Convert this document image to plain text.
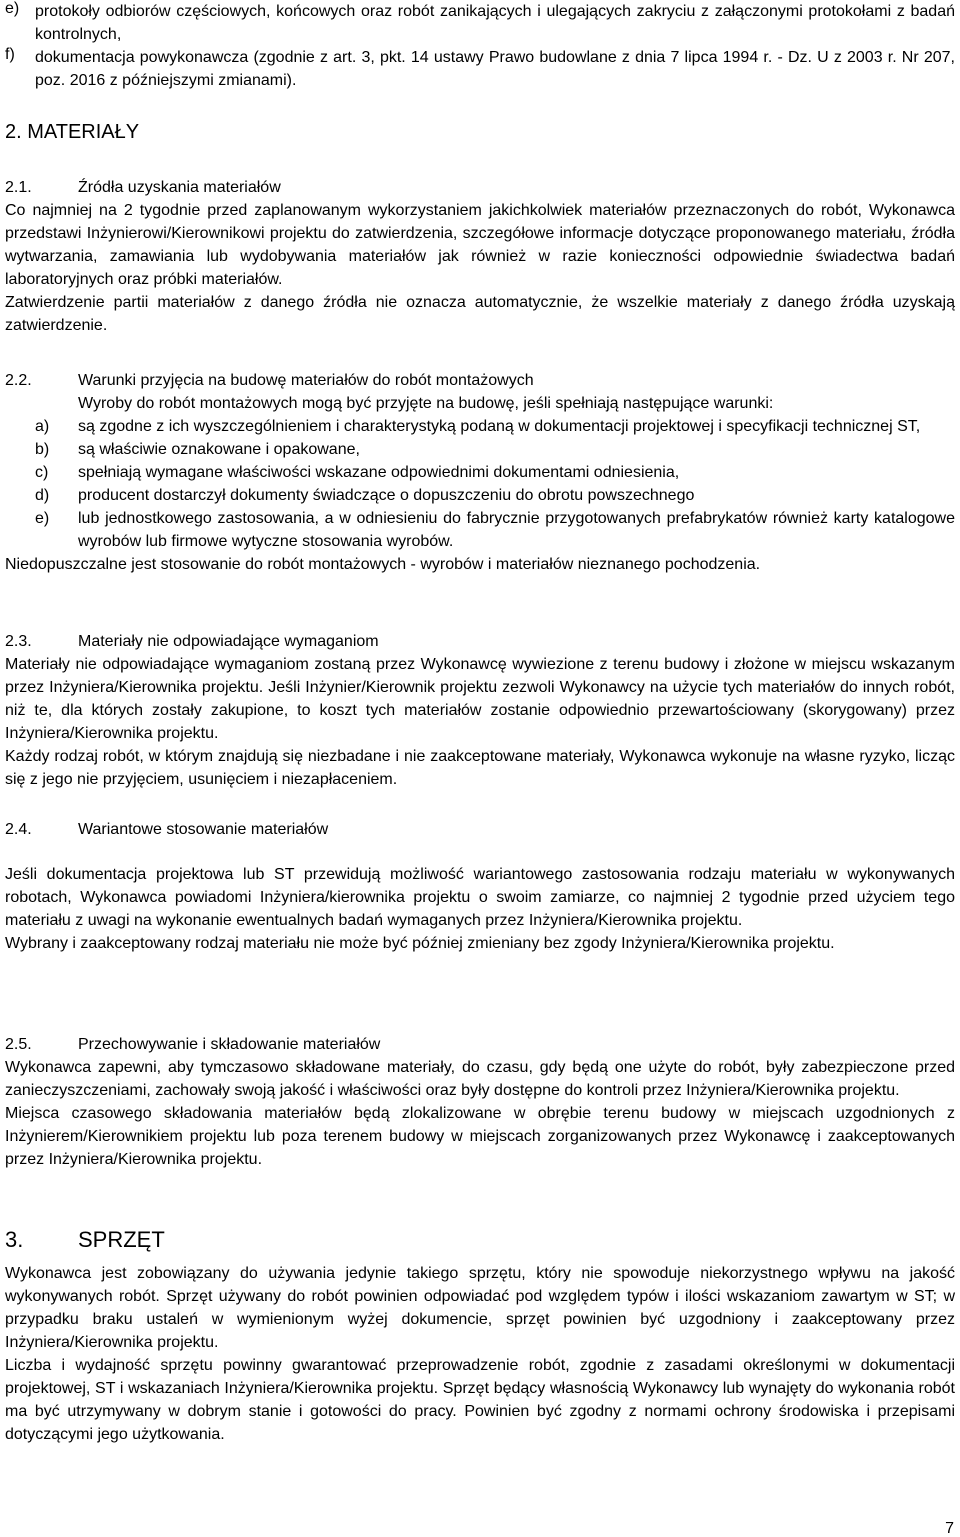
e) protokoły odbiorów częściowych, końcowych oraz robót zanikających i ulegających zakryciu z załączonymi protokołami z badań kontrolnych,
f)	dokumentacja powykonawcza (zgodnie z art. 3, pkt. 14 ustawy Prawo budowlane z dnia 7 lipca 1994 r. - Dz. U z 2003 r. Nr 207, poz. 2016 z późniejszymi zmianami).
2. MATERIAŁY
2.1.	Źródła uzyskania materiałów

Co najmniej na 2 tygodnie przed zaplanowanym wykorzystaniem jakichkolwiek materiałów przeznaczonych do robót, Wykonawca przedstawi Inżynierowi/Kierownikowi projektu do zatwierdzenia, szczegółowe informacje dotyczące proponowanego materiału, źródła wytwarzania, zamawiania lub wydobywania materiałów jak również w razie konieczności odpowiednie świadectwa badań laboratoryjnych oraz próbki materiałów.

Zatwierdzenie partii materiałów z danego źródła nie oznacza automatycznie, że wszelkie materiały z danego źródła uzyskają zatwierdzenie.

2.2.	Warunki przyjęcia na budowę materiałów do robót montażowych

Wyroby do robót montażowych mogą być przyjęte na budowę, jeśli spełniają następujące warunki:

a)	są zgodne z ich wyszczególnieniem i charakterystyką podaną w dokumentacji projektowej i specyfikacji technicznej ST,
b)	są właściwie oznakowane i opakowane,
c)	spełniają wymagane właściwości wskazane odpowiednimi dokumentami odniesienia,
d)	producent dostarczył dokumenty świadczące o dopuszczeniu do obrotu powszechnego
e)	lub jednostkowego zastosowania, a w odniesieniu do fabrycznie przygotowanych prefabrykatów również karty katalogowe wyrobów lub firmowe wytyczne stosowania wyrobów.

Niedopuszczalne jest stosowanie do robót montażowych - wyrobów i materiałów nieznanego pochodzenia.

2.3.	Materiały nie odpowiadające wymaganiom

Materiały nie odpowiadające wymaganiom zostaną przez Wykonawcę wywiezione z terenu budowy i złożone w miejscu wskazanym przez Inżyniera/Kierownika projektu. Jeśli Inżynier/Kierownik projektu zezwoli Wykonawcy na użycie tych materiałów do innych robót, niż te, dla których zostały zakupione, to koszt tych materiałów zostanie odpowiednio przewartościowany (skorygowany) przez Inżyniera/Kierownika projektu.

Każdy rodzaj robót, w którym znajdują się niezbadane i nie zaakceptowane materiały, Wykonawca wykonuje na własne ryzyko, licząc się z jego nie przyjęciem, usunięciem i niezapłaceniem.

2.4.	Wariantowe stosowanie materiałów

Jeśli dokumentacja projektowa lub ST przewidują możliwość wariantowego zastosowania rodzaju materiału w wykonywanych robotach, Wykonawca powiadomi Inżyniera/kierownika projektu o swoim zamiarze, co najmniej 2 tygodnie przed użyciem tego materiału z uwagi na wykonanie ewentualnych badań wymaganych przez Inżyniera/Kierownika projektu.

Wybrany i zaakceptowany rodzaj materiału nie może być później zmieniany bez zgody Inżyniera/Kierownika projektu.

2.5.	Przechowywanie i składowanie materiałów

Wykonawca zapewni, aby tymczasowo składowane materiały, do czasu, gdy będą one użyte do robót, były zabezpieczone przed zanieczyszczeniami, zachowały swoją jakość i właściwości oraz były dostępne do kontroli przez Inżyniera/Kierownika projektu.

Miejsca czasowego składowania materiałów będą zlokalizowane w obrębie terenu budowy w miejscach uzgodnionych z Inżynierem/Kierownikiem projektu lub poza terenem budowy w miejscach zorganizowanych przez Wykonawcę i zaakceptowanych przez Inżyniera/Kierownika projektu.

3.	SPRZĘT

Wykonawca jest zobowiązany do używania jedynie takiego sprzętu, który nie spowoduje niekorzystnego wpływu na jakość wykonywanych robót. Sprzęt używany do robót powinien odpowiadać pod względem typów i ilości wskazaniom zawartym w ST; w przypadku braku ustaleń w wymienionym wyżej dokumencie, sprzęt powinien być uzgodniony i zaakceptowany przez Inżyniera/Kierownika projektu.

Liczba i wydajność sprzętu powinny gwarantować przeprowadzenie robót, zgodnie z zasadami określonymi w dokumentacji projektowej, ST i wskazaniach Inżyniera/Kierownika projektu. Sprzęt będący własnością Wykonawcy lub wynajęty do wykonania robót ma być utrzymywany w dobrym stanie i gotowości do pracy. Powinien być zgodny z normami ochrony środowiska i przepisami dotyczącymi jego użytkowania.

7
